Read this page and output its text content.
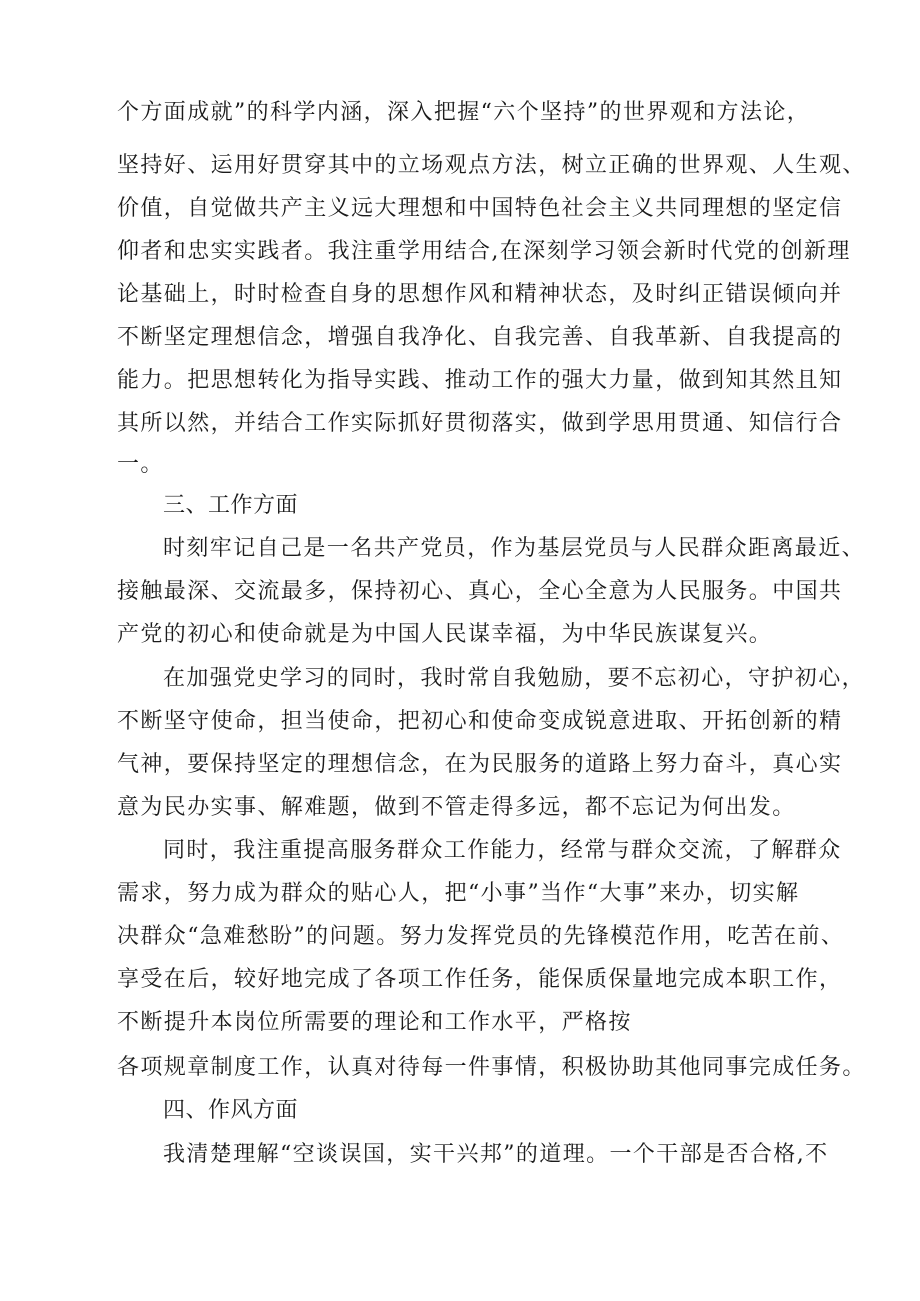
个方面成就”的科学内涵，深入把握“六个坚持”的世界观和方法论，
坚持好、运用好贯穿其中的立场观点方法，树立正确的世界观、人生观、
价值，自觉做共产主义远大理想和中国特色社会主义共同理想的坚定信
仰者和忠实实践者。我注重学用结合,在深刻学习领会新时代党的创新理
论基础上，时时检查自身的思想作风和精神状态，及时纠正错误倾向并
不断坚定理想信念，增强自我净化、自我完善、自我革新、自我提高的
能力。把思想转化为指导实践、推动工作的强大力量，做到知其然且知
其所以然，并结合工作实际抓好贯彻落实，做到学思用贯通、知信行合
一。
三、工作方面
时刻牢记自己是一名共产党员，作为基层党员与人民群众距离最近、
接触最深、交流最多，保持初心、真心，全心全意为人民服务。中国共
产党的初心和使命就是为中国人民谋幸福，为中华民族谋复兴。
在加强党史学习的同时，我时常自我勉励，要不忘初心，守护初心，
不断坚守使命，担当使命，把初心和使命变成锐意进取、开拓创新的精
气神，要保持坚定的理想信念，在为民服务的道路上努力奋斗，真心实
意为民办实事、解难题，做到不管走得多远，都不忘记为何出发。
同时，我注重提高服务群众工作能力，经常与群众交流，了解群众
需求，努力成为群众的贴心人，把“小事”当作“大事”来办，切实解
决群众“急难愁盼”的问题。努力发挥党员的先锋模范作用，吃苦在前、
享受在后，较好地完成了各项工作任务，能保质保量地完成本职工作，
不断提升本岗位所需要的理论和工作水平，严格按
各项规章制度工作，认真对待每一件事情，积极协助其他同事完成任务。
四、作风方面
我清楚理解“空谈误国，实干兴邦”的道理。一个干部是否合格,不
